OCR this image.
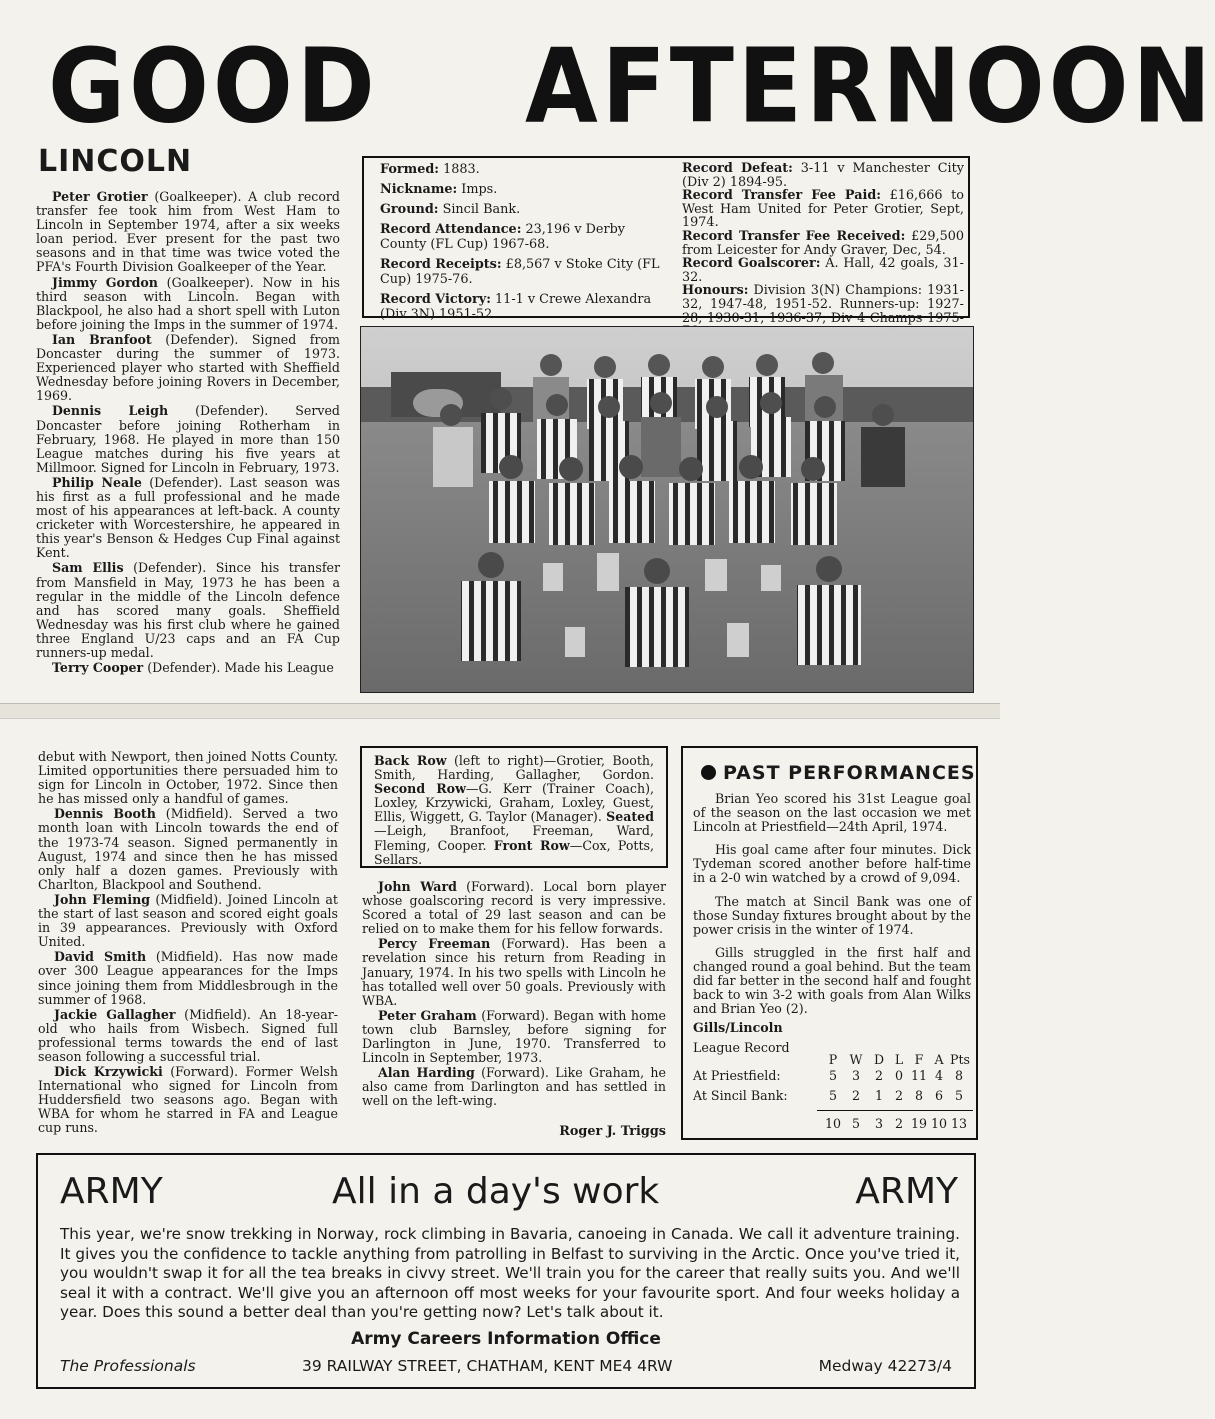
GOOD AFTERNOON
LINCOLN

Peter Grotier (Goalkeeper). A club record transfer fee took him from West Ham to Lincoln in September 1974, after a six weeks loan period. Ever present for the past two seasons and in that time was twice voted the PFA's Fourth Division Goalkeeper of the Year.

Jimmy Gordon (Goalkeeper). Now in his third season with Lincoln. Began with Blackpool, he also had a short spell with Luton before joining the Imps in the summer of 1974.

Ian Branfoot (Defender). Signed from Doncaster during the summer of 1973. Experienced player who started with Sheffield Wednesday before joining Rovers in December, 1969.

Dennis Leigh (Defender). Served Doncaster before joining Rotherham in February, 1968. He played in more than 150 League matches during his five years at Millmoor. Signed for Lincoln in February, 1973.

Philip Neale (Defender). Last season was his first as a full professional and he made most of his appearances at left-back. A county cricketer with Worcestershire, he appeared in this year's Benson & Hedges Cup Final against Kent.

Sam Ellis (Defender). Since his transfer from Mansfield in May, 1973 he has been a regular in the middle of the Lincoln defence and has scored many goals. Sheffield Wednesday was his first club where he gained three England U/23 caps and an FA Cup runners-up medal.

Terry Cooper (Defender). Made his League

Formed: 1883.
Nickname: Imps.
Ground: Sincil Bank.
Record Attendance: 23,196 v Derby County (FL Cup) 1967-68.
Record Receipts: £8,567 v Stoke City (FL Cup) 1975-76.
Record Victory: 11-1 v Crewe Alexandra (Div 3N) 1951-52.
Record Defeat: 3-11 v Manchester City (Div 2) 1894-95.
Record Transfer Fee Paid: £16,666 to West Ham United for Peter Grotier, Sept, 1974.
Record Transfer Fee Received: £29,500 from Leicester for Andy Graver, Dec, 54.
Record Goalscorer: A. Hall, 42 goals, 31-32.
Honours: Division 3(N) Champions: 1931-32, 1947-48, 1951-52. Runners-up: 1927-28, 1930-31, 1936-37, Div 4 Champs 1975-

debut with Newport, then joined Notts County. Limited opportunities there persuaded him to sign for Lincoln in October, 1972. Since then he has missed only a handful of games.

Dennis Booth (Midfield). Served a two month loan with Lincoln towards the end of the 1973-74 season. Signed permanently in August, 1974 and since then he has missed only half a dozen games. Previously with Charlton, Blackpool and Southend.

John Fleming (Midfield). Joined Lincoln at the start of last season and scored eight goals in 39 appearances. Previously with Oxford United.

David Smith (Midfield). Has now made over 300 League appearances for the Imps since joining them from Middlesbrough in the summer of 1968.

Jackie Gallagher (Midfield). An 18-year-old who hails from Wisbech. Signed full professional terms towards the end of last season following a successful trial.

Dick Krzywicki (Forward). Former Welsh International who signed for Lincoln from Huddersfield two seasons ago. Began with WBA for whom he starred in FA and League cup runs.

Back Row (left to right)—Grotier, Booth, Smith, Harding, Gallagher, Gordon. Second Row—G. Kerr (Trainer Coach), Loxley, Krzywicki, Graham, Loxley, Guest, Ellis, Wiggett, G. Taylor (Manager). Seated—Leigh, Branfoot, Freeman, Ward, Fleming, Cooper. Front Row—Cox, Potts, Sellars.

John Ward (Forward). Local born player whose goalscoring record is very impressive. Scored a total of 29 last season and can be relied on to make them for his fellow forwards.

Percy Freeman (Forward). Has been a revelation since his return from Reading in January, 1974. In his two spells with Lincoln he has totalled well over 50 goals. Previously with WBA.

Peter Graham (Forward). Began with home town club Barnsley, before signing for Darlington in June, 1970. Transferred to Lincoln in September, 1973.

Alan Harding (Forward). Like Graham, he also came from Darlington and has settled in well on the left-wing.

Roger J. Triggs
PAST PERFORMANCES

Brian Yeo scored his 31st League goal of the season on the last occasion we met Lincoln at Priestfield—24th April, 1974.

His goal came after four minutes. Dick Tydeman scored another before half-time in a 2-0 win watched by a crowd of 9,094.

The match at Sincil Bank was one of those Sunday fixtures brought about by the power crisis in the winter of 1974.

Gills struggled in the first half and changed round a goal behind. But the team did far better in the second half and fought back to win 3-2 with goals from Alan Wilks and Brian Yeo (2).

Gills/Lincoln
League Record
P W D L F A Pts
At Priestfield:	5	3	2 0 11 4 8
At Sincil Bank:	5	2	1 2 8 6 5
10 5	3 2 19 10 13
ARMY	All in a day's work	ARMY
This year, we're snow trekking in Norway, rock climbing in Bavaria, canoeing in Canada. We call it adventure training. It gives you the confidence to tackle anything from patrolling in Belfast to surviving in the Arctic. Once you've tried it, you wouldn't swap it for all the tea breaks in civvy street. We'll train you for the career that really suits you. And we'll seal it with a contract. We'll give you an afternoon off most weeks for your favourite sport. And four weeks holiday a year. Does this sound a better deal than you're getting now? Let's talk about it.
Army Careers Information Office
The Professionals	39 RAILWAY STREET, CHATHAM, KENT ME4 4RW	Medway 42273/4
